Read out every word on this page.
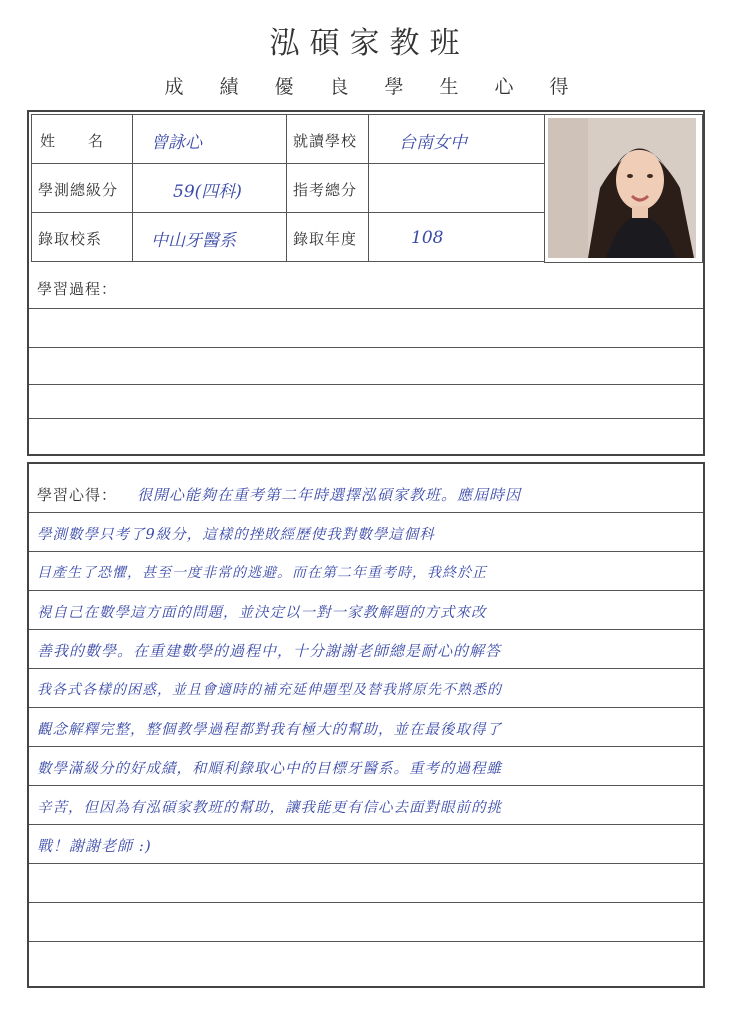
泓碩家教班
成績優良學生心得
姓　　名	曾詠心	就讀學校 台南女中
學測總級分	59(四科)	指考總分
錄取校系	中山牙醫系	錄取年度	108
學習過程：
學習心得： 很開心能夠在重考第二年時選擇泓碩家教班。應屆時因
學測數學只考了9級分，這樣的挫敗經歷使我對數學這個科
目產生了恐懼，甚至一度非常的逃避。而在第二年重考時，我終於正
視自己在數學這方面的問題，並決定以一對一家教解題的方式來改
善我的數學。在重建數學的過程中，十分謝謝老師總是耐心的解答
我各式各樣的困惑，並且會適時的補充延伸題型及替我將原先不熟悉的
觀念解釋完整，整個教學過程都對我有極大的幫助，並在最後取得了
數學滿級分的好成績，和順利錄取心中的目標牙醫系。重考的過程雖
辛苦，但因為有泓碩家教班的幫助，讓我能更有信心去面對眼前的挑
戰！謝謝老師 :)
